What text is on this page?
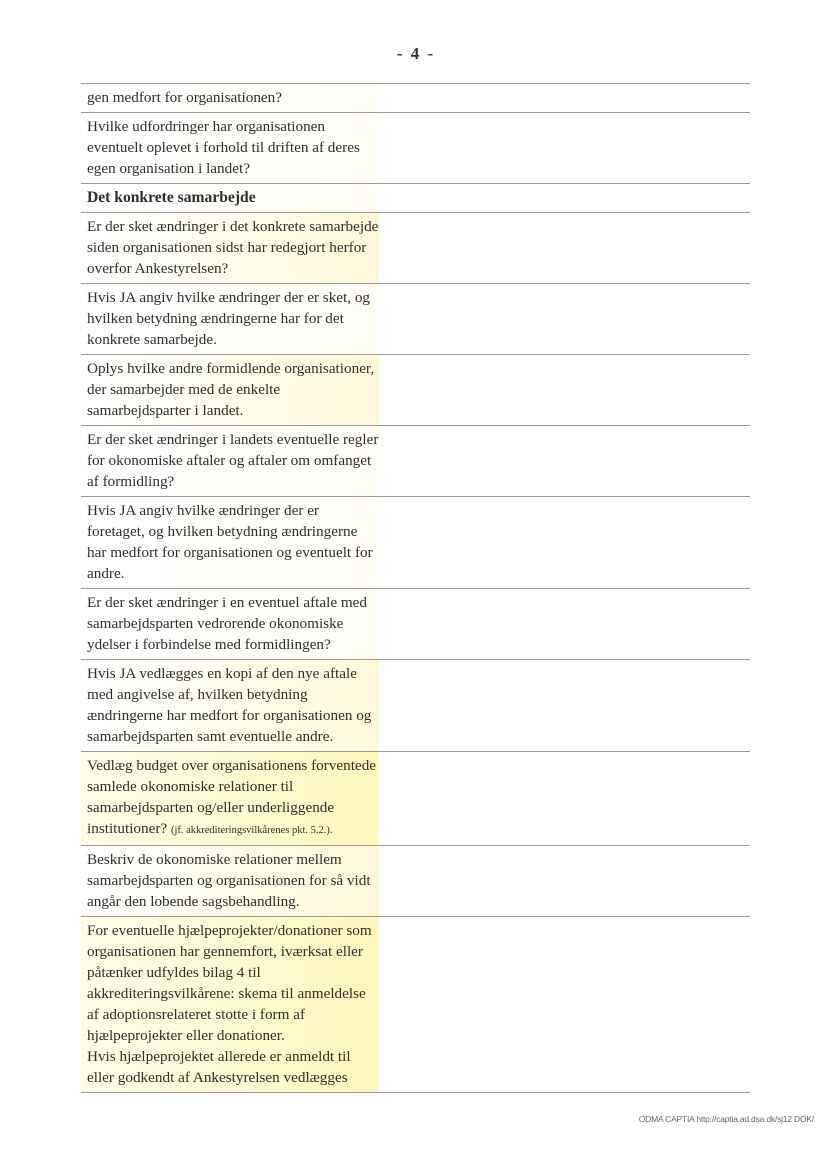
- 4 -
gen medfort for organisationen?
Hvilke udfordringer har organisationen eventuelt oplevet i forhold til driften af deres egen organisation i landet?
Det konkrete samarbejde
Er der sket ændringer i det konkrete samarbejde siden organisationen sidst har redegjort herfor overfor Ankestyrelsen?
Hvis JA angiv hvilke ændringer der er sket, og hvilken betydning ændringerne har for det konkrete samarbejde.
Oplys hvilke andre formidlende organisationer, der samarbejder med de enkelte samarbejdsparter i landet.
Er der sket ændringer i landets eventuelle regler for okonomiske aftaler og aftaler om omfanget af formidling?
Hvis JA angiv hvilke ændringer der er foretaget, og hvilken betydning ændringerne har medfort for organisationen og eventuelt for andre.
Er der sket ændringer i en eventuel aftale med samarbejdsparten vedrorende okonomiske ydelser i forbindelse med formidlingen?
Hvis JA vedlægges en kopi af den nye aftale med angivelse af, hvilken betydning ændringerne har medfort for organisationen og samarbejdsparten samt eventuelle andre.
Vedlæg budget over organisationens forventede samlede okonomiske relationer til samarbejdsparten og/eller underliggende institutioner? (jf. akkrediteringsvilkårenes pkt. 5.2.).
Beskriv de okonomiske relationer mellem samarbejdsparten og organisationen for så vidt angår den lobende sagsbehandling.
For eventuelle hjælpeprojekter/donationer som organisationen har gennemfort, iværksat eller påtænker udfyldes bilag 4 til akkrediteringsvilkårene: skema til anmeldelse af adoptionsrelateret stotte i form af hjælpeprojekter eller donationer.
Hvis hjælpeprojektet allerede er anmeldt til eller godkendt af Ankestyrelsen vedlægges
ODMA CAPTIA http://captia.ad.dsa.dk/sj12 DOK/
